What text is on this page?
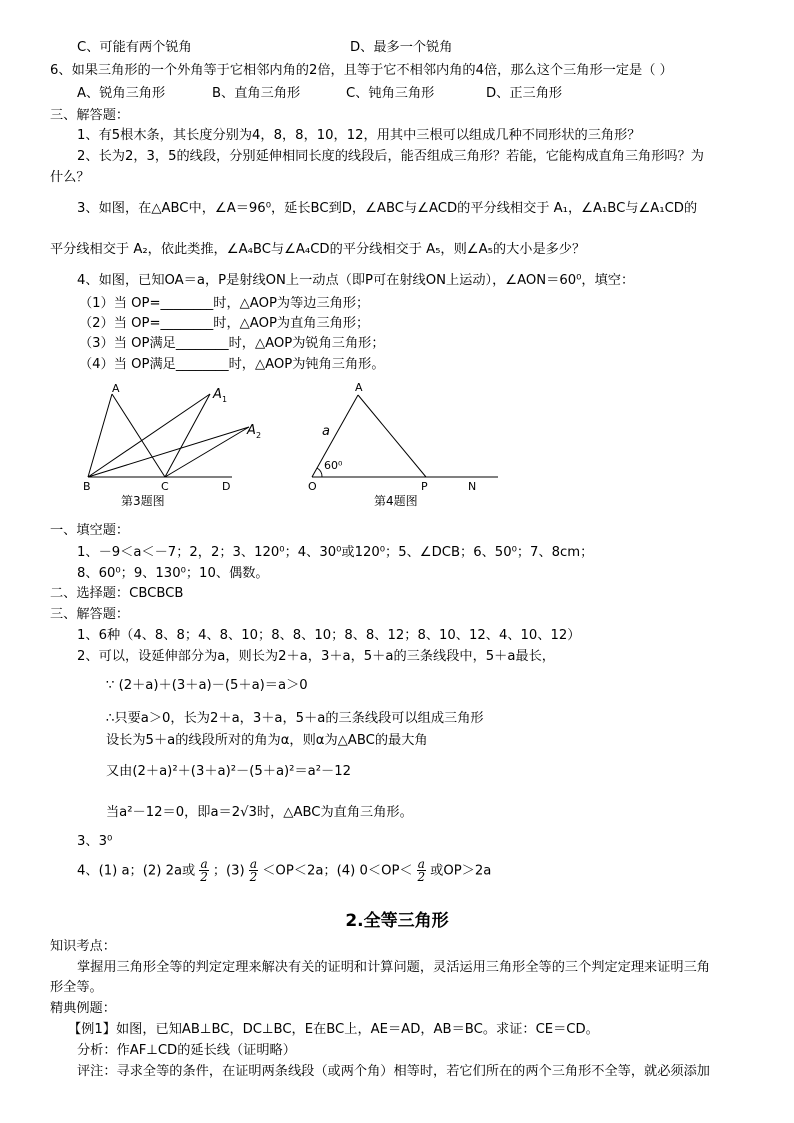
C、可能有两个锐角	D、最多一个锐角
6、如果三角形的一个外角等于它相邻内角的2倍，且等于它不相邻内角的4倍，那么这个三角形一定是（ ）
A、锐角三角形	B、直角三角形	C、钝角三角形	D、正三角形
三、解答题：
1、有5根木条，其长度分别为4，8，8，10，12，用其中三根可以组成几种不同形状的三角形？
2、长为2，3，5的线段，分别延伸相同长度的线段后，能否组成三角形？若能，它能构成直角三角形吗？为
什么？
3、如图，在△ABC中，∠A＝96⁰，延长BC到D，∠ABC与∠ACD的平分线相交于 A₁，∠A₁BC与∠A₁CD的
平分线相交于 A₂，依此类推，∠A₄BC与∠A₄CD的平分线相交于 A₅，则∠A₅的大小是多少？
4、如图，已知OA＝a，P是射线ON上一动点（即P可在射线ON上运动），∠AON＝60⁰，填空：
（1）当 OP=________时，△AOP为等边三角形；
（2）当 OP=________时，△AOP为直角三角形；
（3）当 OP满足________时，△AOP为锐角三角形；
（4）当 OP满足________时，△AOP为钝角三角形。
A	A 1
A 2
B	C	D
第3题图
A
a
60⁰
O	P	N
第4题图
一、填空题：
1、－9＜a＜－7；2，2；3、120⁰；4、30⁰或120⁰；5、∠DCB；6、50⁰；7、8cm；
8、60⁰；9、130⁰；10、偶数。
二、选择题：CBCBCB
三、解答题：
1、6种（4、8、8；4、8、10；8、8、10；8、8、12；8、10、12、4、10、12）
2、可以，设延伸部分为a，则长为2＋a，3＋a，5＋a的三条线段中，5＋a最长，
∵ (2＋a)＋(3＋a)－(5＋a)＝a＞0
∴只要a＞0，长为2＋a，3＋a，5＋a的三条线段可以组成三角形
设长为5＋a的线段所对的角为α，则α为△ABC的最大角
又由(2＋a)²＋(3＋a)²－(5＋a)²＝a²－12
当a²－12＝0，即a＝2√3时，△ABC为直角三角形。
3、3⁰
4、(1) a；(2) 2a或 $\frac{a}{2}$ ；$(3) \frac{a}{2} <OP<2a$；(4) $0<OP< \frac{a}{2}$ 或OP＞2a
2.全等三角形
知识考点：
掌握用三角形全等的判定定理来解决有关的证明和计算问题，灵活运用三角形全等的三个判定定理来证明三角
形全等。
精典例题：
【例1】如图，已知AB⊥BC，DC⊥BC，E在BC上，AE＝AD，AB＝BC。求证：CE＝CD。
分析：作AF⊥CD的延长线（证明略）
评注：寻求全等的条件，在证明两条线段（或两个角）相等时，若它们所在的两个三角形不全等，就必须添加
